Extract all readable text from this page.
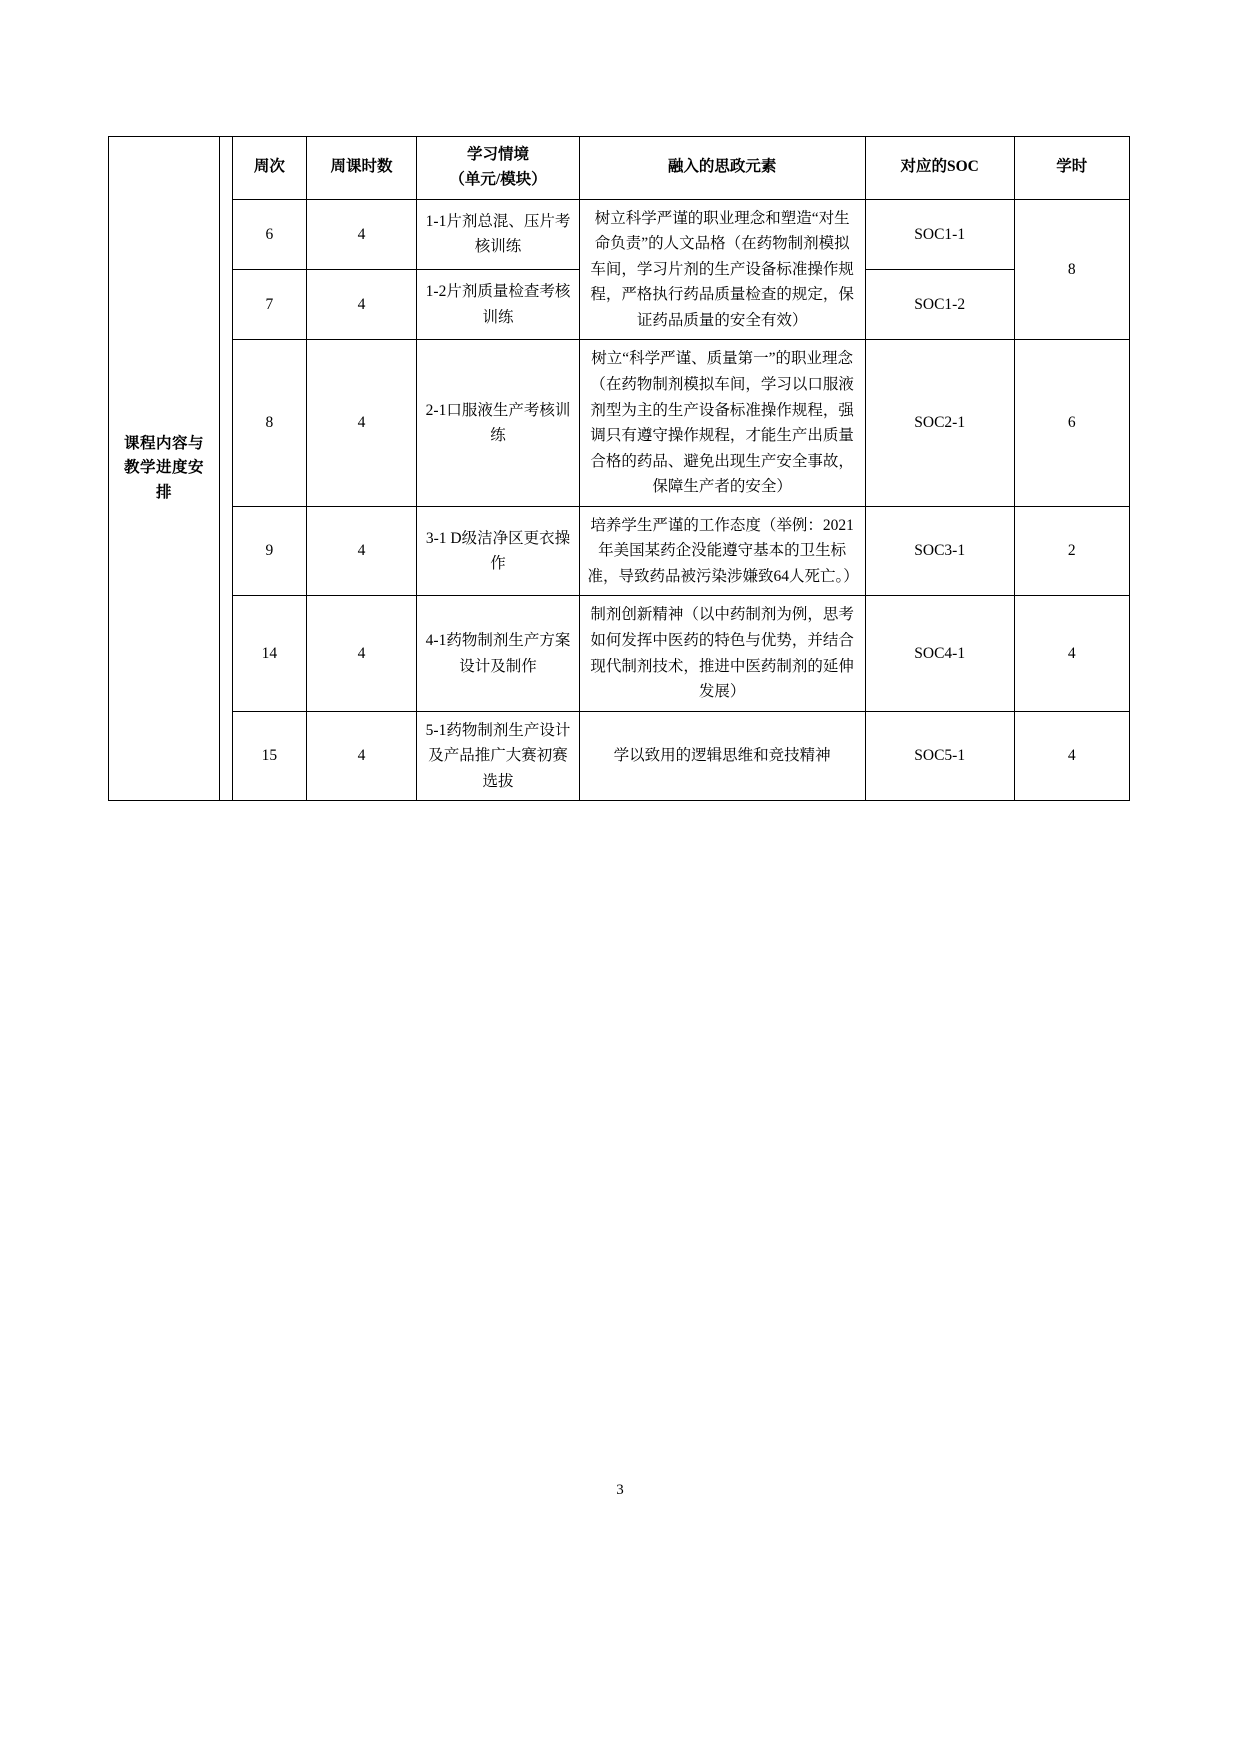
课程内容与教学进度安排		周次	周课时数	学习情境
（单元/模块）	融入的思政元素	对应的SOC	学时
		6	4	1-1片剂总混、压片考核训练	树立科学严谨的职业理念和塑造“对生命负责”的人文品格（在药物制剂模拟车间，学习片剂的生产设备标准操作规程，严格执行药品质量检查的规定，保证药品质量的安全有效）	SOC1-1	8
		7	4	1-2片剂质量检查考核训练		SOC1-2	
		8	4	2-1口服液生产考核训练	树立“科学严谨、质量第一”的职业理念（在药物制剂模拟车间，学习以口服液剂型为主的生产设备标准操作规程，强调只有遵守操作规程，才能生产出质量合格的药品、避免出现生产安全事故，保障生产者的安全）	SOC2-1	6
		9	4	3-1 D级洁净区更衣操作	培养学生严谨的工作态度（举例：2021年美国某药企没能遵守基本的卫生标准，导致药品被污染涉嫌致64人死亡。）	SOC3-1	2
		14	4	4-1药物制剂生产方案设计及制作	制剂创新精神（以中药制剂为例，思考如何发挥中医药的特色与优势，并结合现代制剂技术，推进中医药制剂的延伸发展）	SOC4-1	4
		15	4	5-1药物制剂生产设计及产品推广大赛初赛选拔	学以致用的逻辑思维和竞技精神	SOC5-1	4
3
